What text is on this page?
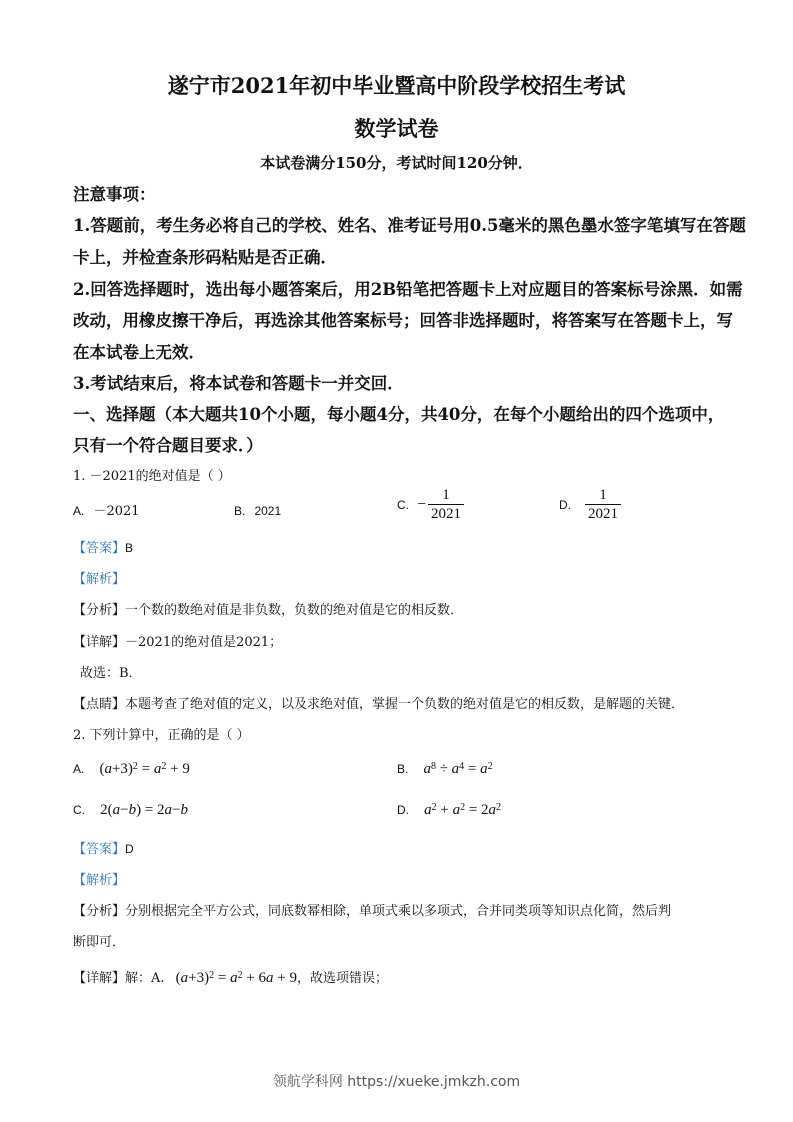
遂宁市2021年初中毕业暨高中阶段学校招生考试
数学试卷
本试卷满分150分，考试时间120分钟．
注意事项：
1.答题前，考生务必将自己的学校、姓名、准考证号用0.5毫米的黑色墨水签字笔填写在答题
卡上，并检查条形码粘贴是否正确．
2.回答选择题时，选出每小题答案后，用2B铅笔把答题卡上对应题目的答案标号涂黑．如需
改动，用橡皮擦干净后，再选涂其他答案标号；回答非选择题时，将答案写在答题卡上，写
在本试卷上无效．
3.考试结束后，将本试卷和答题卡一并交回．
一、选择题（本大题共10个小题，每小题4分，共40分，在每个小题给出的四个选项中，
只有一个符合题目要求．）
1. －2021的绝对值是（ ）
A. －2021	B. 2021	C. − $\frac{1}{2021}$	D. $\frac{1}{2021}$
【答案】B
【解析】
【分析】一个数的数绝对值是非负数，负数的绝对值是它的相反数．
【详解】－2021的绝对值是2021；
故选：B．
【点睛】本题考查了绝对值的定义，以及求绝对值，掌握一个负数的绝对值是它的相反数，是解题的关键．
2. 下列计算中，正确的是（ ）
A. $(a+3)^2 = a^2 + 9$	B. $a^8 \div a^4 = a^2$
C. 2(a−b) = 2a−b	D. $a^2 + a^2 = 2a^2$
【答案】D
【解析】
【分析】分别根据完全平方公式，同底数幂相除，单项式乘以多项式，合并同类项等知识点化简，然后判
断即可．
【详解】解：A. $(a+3)^2 = a^2 + 6a + 9$，故选项错误；
领航学科网 https://xueke.jmkzh.com
